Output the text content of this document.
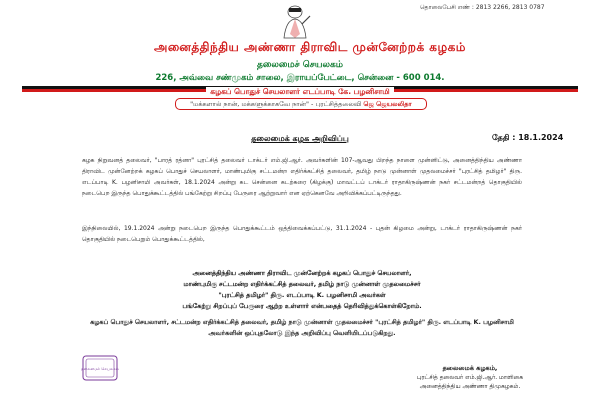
தொலைபேசி எண் : 2813 2266, 2813 0787
அனைத்திந்திய அண்ணா திராவிட முன்னேற்றக் கழகம்
தலைமைச் செயலகம்
226, அவ்வை சண்முகம் சாலை, இராயப்பேட்டை, சென்னை - 600 014.
கழகப் பொதுச் செயலாளர் எடப்பாடி கே. பழனிசாமி
"மக்களால் நான், மக்களுக்காகவே நான்" - புரட்சித்தலைவி ஜெ ஜெயலலிதா
தலைமைக் கழக அறிவிப்பு	தேதி : 18.1.2024
கழக நிறுவனத் தலைவர், "பாரத் ரத்னா" புரட்சித் தலைவர் டாக்டர் எம்.ஜி.ஆர். அவர்களின் 107-ஆவது பிறந்த நாளை முன்னிட்டு, அனைத்திந்திய அண்ணா திராவிட முன்னேற்றக் கழகப் பொதுச் செயலாளர், மாண்புமிகு சட்டமன்ற எதிர்க்கட்சித் தலைவர், தமிழ் நாடு முன்னாள் முதலமைச்சர் "புரட்சித் தமிழர்" திரு. எடப்பாடி K. பழனிசாமி அவர்கள், 18.1.2024 அன்று கட சென்னை கடற்கரை (கிழக்கு) மாவட்டப் டாக்டர் ராதாகிருஷ்ணன் நகர் சட்டமன்றத் தொகுதியில் நடைபெற இருந்த பொதுக்கூட்டத்தில் பங்கேற்று சிறப்பு பேருரை ஆற்றுவார் என ஏற்கெனவே அறிவிக்கப்பட்டிருந்தது.
இந்நிலையில், 19.1.2024 அன்று நடைபெற இருந்த பொதுக்கூட்டம் ஒத்திவைக்கப்பட்டு, 31.1.2024 - புதன் கிழமை அன்று, டாக்டர் ராதாகிருஷ்ணன் நகர் தொகுதியில் நடைபெறும் பொதுக்கூட்டத்தில்,
அனைத்திந்திய அண்ணா திராவிட முன்னேற்றக் கழகப் பொதுச் செயலாளர்,
மாண்புமிகு சட்டமன்ற எதிர்க்கட்சித் தலைவர், தமிழ் நாடு முன்னாள் முதலமைச்சர்
"புரட்சித் தமிழர்" திரு. எடப்பாடி K. பழனிசாமி அவர்கள்
பங்கேற்று சிறப்புப் பேருரை ஆற்ற உள்ளார் என்பதைத் தெரிவித்துக்கொள்கிறோம்.
கழகப் பொதுச் செயலாளர், சட்டமன்ற எதிர்க்கட்சித் தலைவர், தமிழ் நாடு முன்னாள் முதலமைச்சர் "புரட்சித் தமிழர்" திரு. எடப்பாடி K. பழனிசாமி அவர்களின் ஒப்புதலோடு இந்த அறிவிப்பு வெளியிடப்படுகிறது.
தலைமைச் செயலகம்	தலைமைக் கழகம்,
புரட்சித் தலைவர் எம்.ஜி.ஆர். மாளிகை
அனைத்திந்திய அண்ணா திமுகழகம்.
